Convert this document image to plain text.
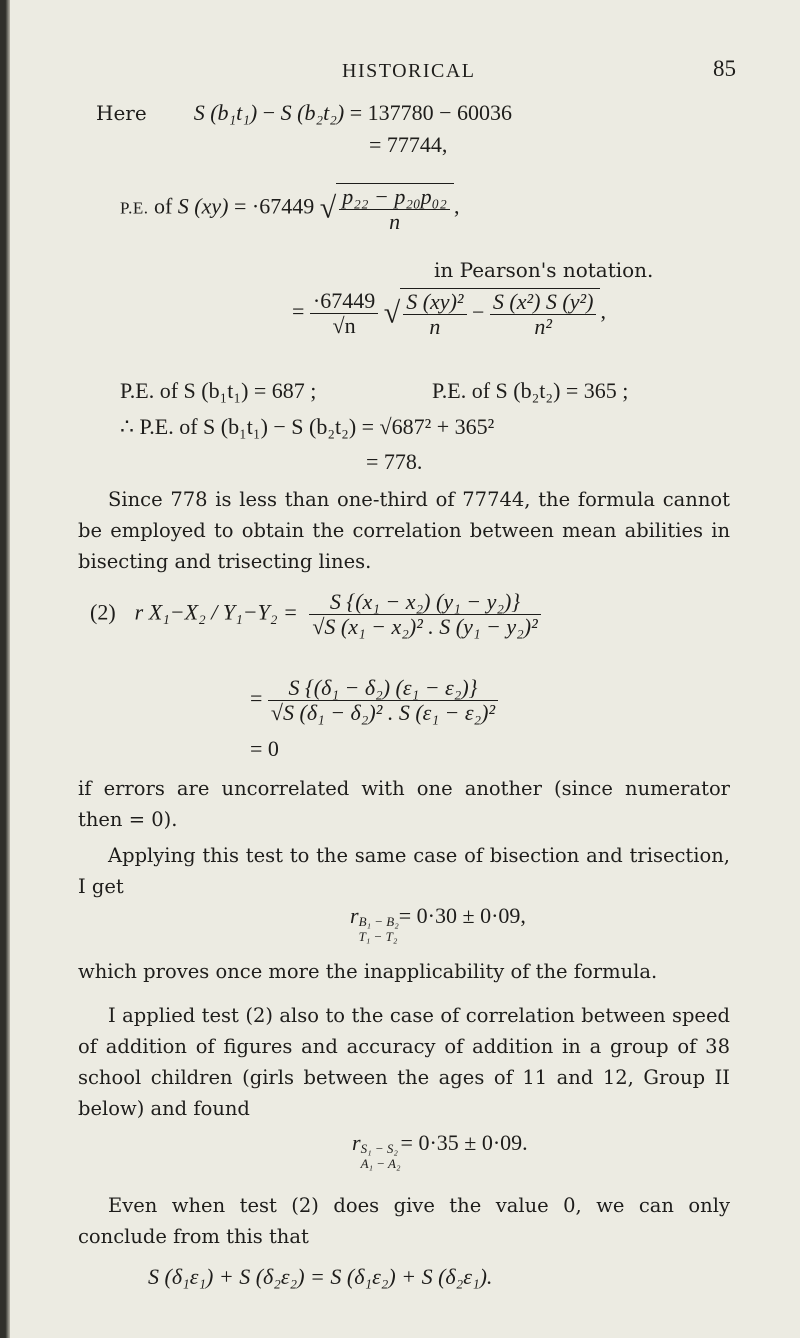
HISTORICAL	85
Here S (b₁t₁) − S (b₂t₂) = 137780 − 60036
= 77744,
P.E. of S (xy) = ·67449 √ $\frac{\text{p₂₂ − p₂₀p₀₂}}{n}$ ,
in Pearson's notation.
= $\frac{\cdot 67449}{√n}$ √ $\frac{\text{S (xy)²}}{n} - \frac{\text{S (x²) S (y²)}}{\text{n²}}$ ,
P.E. of S (b₁t₁) = 687 ;	P.E. of S (b₂t₂) = 365 ;
∴ P.E. of S (b₁t₁) − S (b₂t₂) = √687² + 365²
= 778.
Since 778 is less than one-third of 77744, the formula cannot be employed to obtain the correlation between mean abilities in bisecting and trisecting lines.
(2) r $X_1-X_2 / Y_1-Y_2 = \frac{\text{S \{(x₁ − x₂) (y₁ − y₂)\}}}{\text{√S (x₁ − x₂)² . S (y₁ − y₂)²}}$
= $\frac{\text{S \{(δ₁ − δ₂) (ε₁ − ε₂)\}}}{\text{√S (δ₁ − δ₂)² . S (ε₁ − ε₂)²}}$
= 0
if errors are uncorrelated with one another (since numerator then = 0).
Applying this test to the same case of bisection and trisection, I get
r B₁ − B₂
T₁ − T₂
= 0·30 ± 0·09,
which proves once more the inapplicability of the formula.
I applied test (2) also to the case of correlation between speed of addition of figures and accuracy of addition in a group of 38 school children (girls between the ages of 11 and 12, Group II below) and found
r S₁ − S₂
A₁ − A₂
= 0·35 ± 0·09.
Even when test (2) does give the value 0, we can only conclude from this that
S (δ₁ε₁) + S (δ₂ε₂) = S (δ₁ε₂) + S (δ₂ε₁).
